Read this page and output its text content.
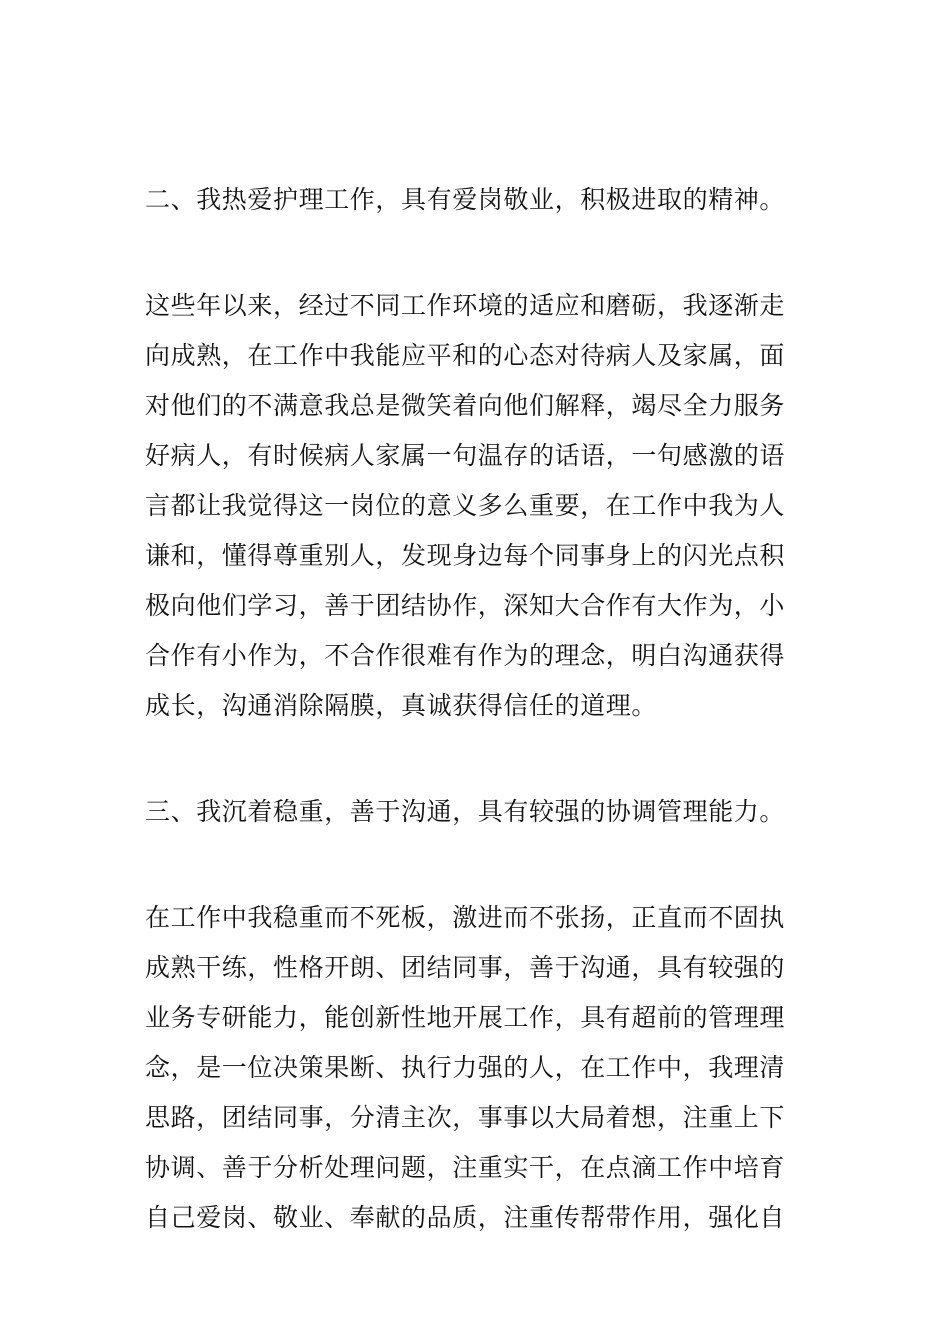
二、我热爱护理工作，具有爱岗敬业，积极进取的精神。
这些年以来，经过不同工作环境的适应和磨砺，我逐渐走
向成熟，在工作中我能应平和的心态对待病人及家属，面
对他们的不满意我总是微笑着向他们解释，竭尽全力服务
好病人，有时候病人家属一句温存的话语，一句感激的语
言都让我觉得这一岗位的意义多么重要，在工作中我为人
谦和，懂得尊重别人，发现身边每个同事身上的闪光点积
极向他们学习，善于团结协作，深知大合作有大作为，小
合作有小作为，不合作很难有作为的理念，明白沟通获得
成长，沟通消除隔膜，真诚获得信任的道理。
三、我沉着稳重，善于沟通，具有较强的协调管理能力。
在工作中我稳重而不死板，激进而不张扬，正直而不固执
成熟干练，性格开朗、团结同事，善于沟通，具有较强的
业务专研能力，能创新性地开展工作，具有超前的管理理
念，是一位决策果断、执行力强的人，在工作中，我理清
思路，团结同事，分清主次，事事以大局着想，注重上下
协调、善于分析处理问题，注重实干，在点滴工作中培育
自己爱岗、敬业、奉献的品质，注重传帮带作用，强化自
